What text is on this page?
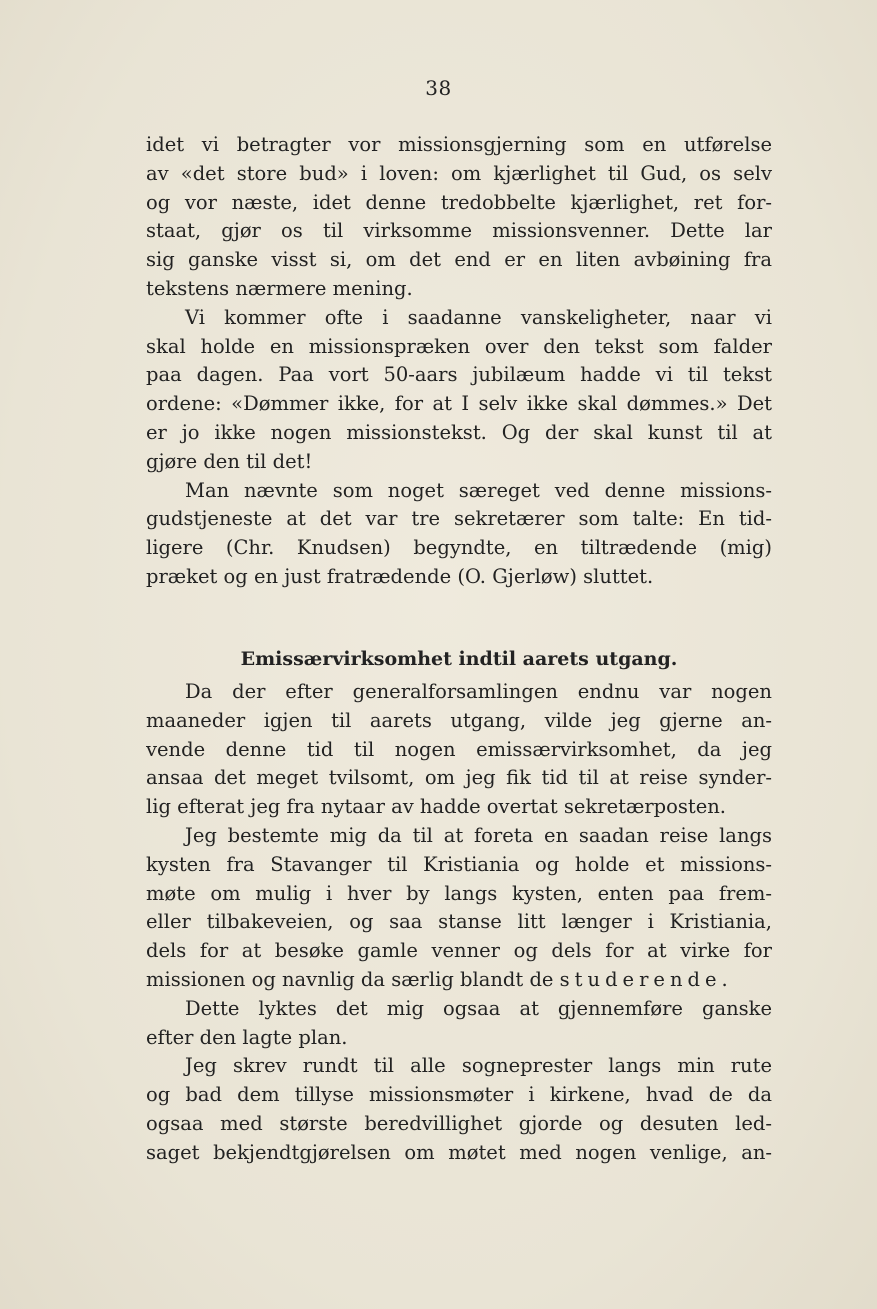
38
idet vi betragter vor missionsgjerning som en utførelse
av «det store bud» i loven: om kjærlighet til Gud, os selv
og vor næste, idet denne tredobbelte kjærlighet, ret for-
staat, gjør os til virksomme missionsvenner. Dette lar
sig ganske visst si, om det end er en liten avbøining fra
tekstens nærmere mening.
Vi kommer ofte i saadanne vanskeligheter, naar vi
skal holde en missionspræken over den tekst som falder
paa dagen. Paa vort 50-aars jubilæum hadde vi til tekst
ordene: «Dømmer ikke, for at I selv ikke skal dømmes.» Det
er jo ikke nogen missionstekst. Og der skal kunst til at
gjøre den til det!
Man nævnte som noget særeget ved denne missions-
gudstjeneste at det var tre sekretærer som talte: En tid-
ligere (Chr. Knudsen) begyndte, en tiltrædende (mig)
præket og en just fratrædende (O. Gjerløw) sluttet.
Emissærvirksomhet indtil aarets utgang.
Da der efter generalforsamlingen endnu var nogen
maaneder igjen til aarets utgang, vilde jeg gjerne an-
vende denne tid til nogen emissærvirksomhet, da jeg
ansaa det meget tvilsomt, om jeg fik tid til at reise synder-
lig efterat jeg fra nytaar av hadde overtat sekretærposten.
Jeg bestemte mig da til at foreta en saadan reise langs
kysten fra Stavanger til Kristiania og holde et missions-
møte om mulig i hver by langs kysten, enten paa frem-
eller tilbakeveien, og saa stanse litt længer i Kristiania,
dels for at besøke gamle venner og dels for at virke for
missionen og navnlig da særlig blandt de studerende.
Dette lyktes det mig ogsaa at gjennemføre ganske
efter den lagte plan.
Jeg skrev rundt til alle sogneprester langs min rute
og bad dem tillyse missionsmøter i kirkene, hvad de da
ogsaa med største beredvillighet gjorde og desuten led-
saget bekjendtgjørelsen om møtet med nogen venlige, an-
